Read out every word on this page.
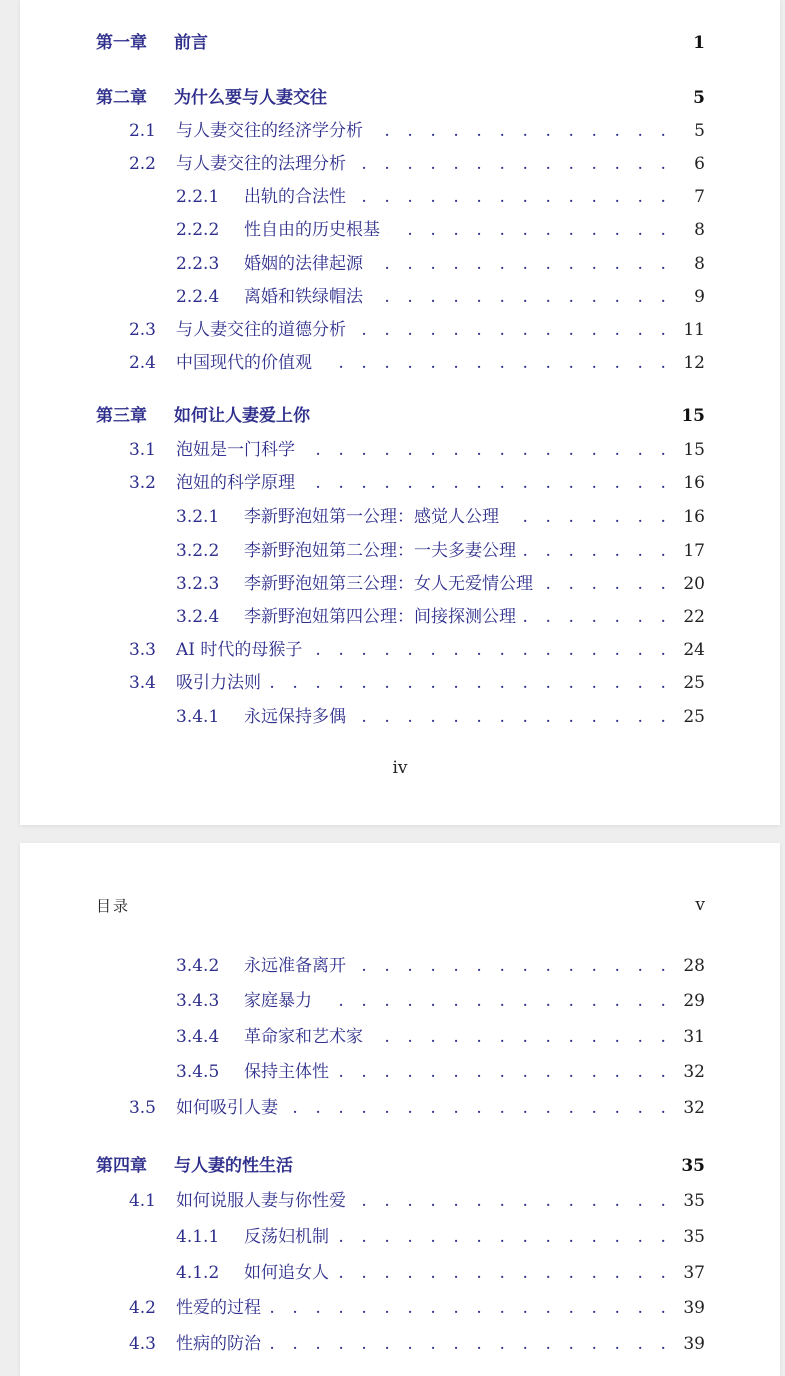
第一章 前言	1
第二章 为什么要与人妻交往	5
2.1 与人妻交往的经济学分析 . . .	5
2.2 与人妻交往的法理分析 . . .	6
2.2.1 出轨的合法性 . . .	7
2.2.2 性自由的历史根基 . . .	8
2.2.3 婚姻的法律起源 . . .	8
2.2.4 离婚和铁绿帽法 . . .	9
2.3 与人妻交往的道德分析 . . .	11
2.4 中国现代的价值观 . . .	12
第三章 如何让人妻爱上你	15
3.1 泡妞是一门科学 . . .	15
3.2 泡妞的科学原理 . . .	16
3.2.1 李新野泡妞第一公理：感觉人公理 . . .	16
3.2.2 李新野泡妞第二公理：一夫多妻公理 . . .	17
3.2.3 李新野泡妞第三公理：女人无爱情公理 . . .	20
3.2.4 李新野泡妞第四公理：间接探测公理 . . .	22
3.3 AI 时代的母猴子 . . .	24
3.4 吸引力法则 . . .	25
3.4.1 永远保持多偶 . . .	25
iv
目录	v
3.4.2 永远准备离开 . . .	28
3.4.3 家庭暴力 . . .	29
3.4.4 革命家和艺术家 . . .	31
3.4.5 保持主体性 . . .	32
3.5 如何吸引人妻 . . .	32
第四章 与人妻的性生活	35
4.1 如何说服人妻与你性爱 . . .	35
4.1.1 反荡妇机制 . . .	35
4.1.2 如何追女人 . . .	37
4.2 性爱的过程 . . .	39
4.3 性病的防治 . . .	39
